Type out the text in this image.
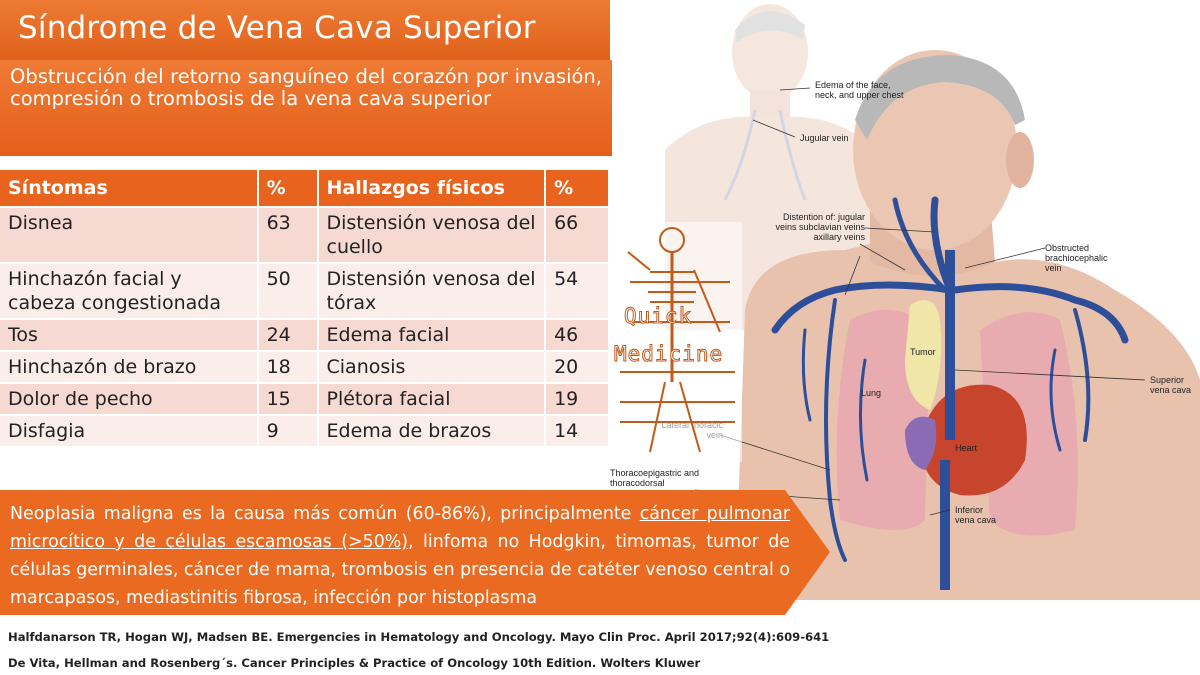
Edema of the face, neck, and upper chest
Jugular vein
Distention of: jugular veins subclavian veins axillary veins
Obstructed brachiocephalic vein
Tumor
Lung
Superior vena cava
Heart
Thoracoepigastric and thoracodorsal
Inferior vena cava
Quick
Medicine
Síndrome de Vena Cava Superior

Obstrucción del retorno sanguíneo del corazón por invasión, compresión o trombosis de la vena cava superior

Síntomas	%	Hallazgos físicos	%
Disnea	63	Distensión venosa del cuello	66
Hinchazón facial y cabeza congestionada	50	Distensión venosa del tórax	54
Tos	24	Edema facial	46
Hinchazón de brazo	18	Cianosis	20
Dolor de pecho	15	Plétora facial	19
Disfagia	9	Edema de brazos	14

Neoplasia maligna es la causa más común (60-86%), principalmente cáncer pulmonar microcítico y de células escamosas (>50%), linfoma no Hodgkin, timomas, tumor de células germinales, cáncer de mama, trombosis en presencia de catéter venoso central o marcapasos, mediastinitis fibrosa, infección por histoplasma

Halfdanarson TR, Hogan WJ, Madsen BE. Emergencies in Hematology and Oncology. Mayo Clin Proc. April 2017;92(4):609-641
De Vita, Hellman and Rosenberg´s. Cancer Principles & Practice of Oncology 10th Edition. Wolters Kluwer
